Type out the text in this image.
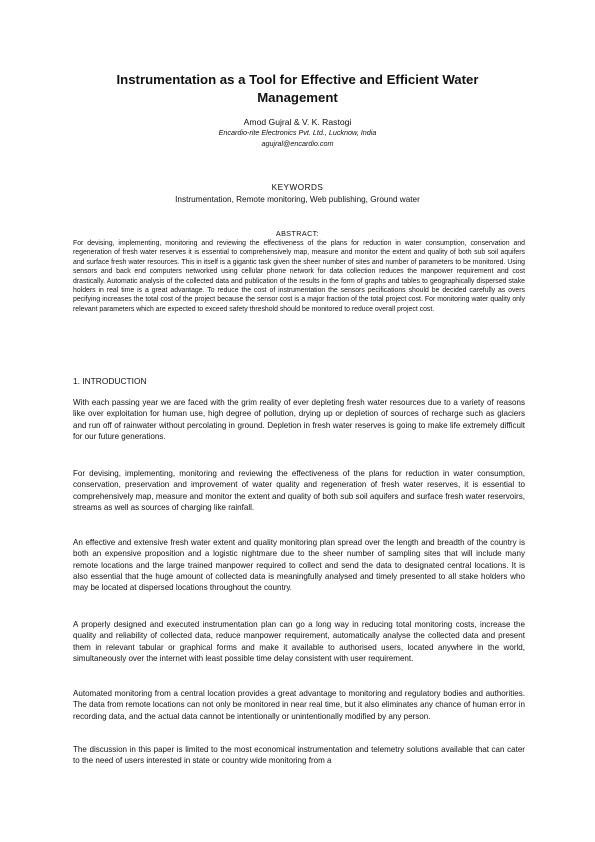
Instrumentation as a Tool for Effective and Efficient Water Management
Amod Gujral & V. K. Rastogi
Encardio-rite Electronics Pvt. Ltd., Lucknow, India
agujral@encardio.com
KEYWORDS
Instrumentation, Remote monitoring, Web publishing, Ground water
ABSTRACT:

For devising, implementing, monitoring and reviewing the effectiveness of the plans for reduction in water consumption, conservation and regeneration of fresh water reserves it is essential to comprehensively map, measure and monitor the extent and quality of both sub soil aquifers and surface fresh water resources. This in itself is a gigantic task given the sheer number of sites and number of parameters to be monitored. Using sensors and back end computers networked using cellular phone network for data collection reduces the manpower requirement and cost drastically. Automatic analysis of the collected data and publication of the results in the form of graphs and tables to geographically dispersed stake holders in real time is a great advantage. To reduce the cost of instrumentation the sensors pecifications should be decided carefully as overs pecifying increases the total cost of the project because the sensor cost is a major fraction of the total project cost. For monitoring water quality only relevant parameters which are expected to exceed safety threshold should be monitored to reduce overall project cost.

1. INTRODUCTION

With each passing year we are faced with the grim reality of ever depleting fresh water resources due to a variety of reasons like over exploitation for human use, high degree of pollution, drying up or depletion of sources of recharge such as glaciers and run off of rainwater without percolating in ground. Depletion in fresh water reserves is going to make life extremely difficult for our future generations.

For devising, implementing, monitoring and reviewing the effectiveness of the plans for reduction in water consumption, conservation, preservation and improvement of water quality and regeneration of fresh water reserves, it is essential to comprehensively map, measure and monitor the extent and quality of both sub soil aquifers and surface fresh water reservoirs, streams as well as sources of charging like rainfall.

An effective and extensive fresh water extent and quality monitoring plan spread over the length and breadth of the country is both an expensive proposition and a logistic nightmare due to the sheer number of sampling sites that will include many remote locations and the large trained manpower required to collect and send the data to designated central locations. It is also essential that the huge amount of collected data is meaningfully analysed and timely presented to all stake holders who may be located at dispersed locations throughout the country.

A properly designed and executed instrumentation plan can go a long way in reducing total monitoring costs, increase the quality and reliability of collected data, reduce manpower requirement, automatically analyse the collected data and present them in relevant tabular or graphical forms and make it available to authorised users, located anywhere in the world, simultaneously over the internet with least possible time delay consistent with user requirement.

Automated monitoring from a central location provides a great advantage to monitoring and regulatory bodies and authorities. The data from remote locations can not only be monitored in near real time, but it also eliminates any chance of human error in recording data, and the actual data cannot be intentionally or unintentionally modified by any person.

The discussion in this paper is limited to the most economical instrumentation and telemetry solutions available that can cater to the need of users interested in state or country wide monitoring from a
